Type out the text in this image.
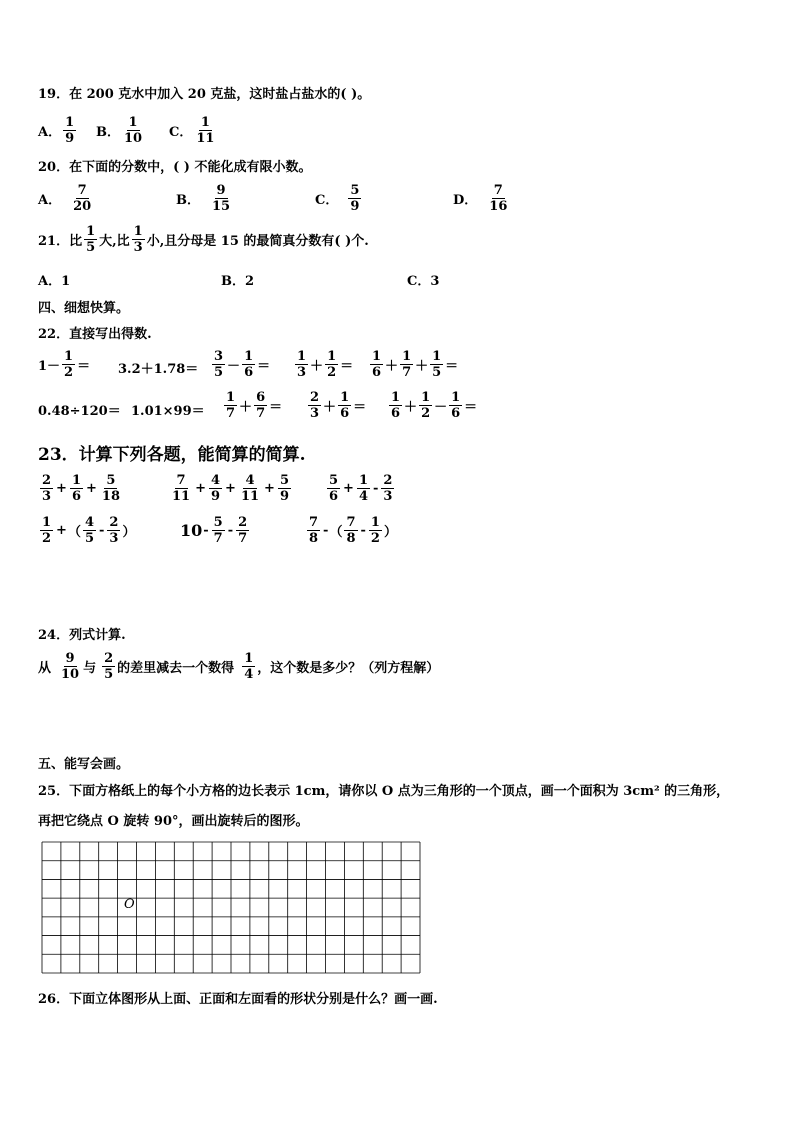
19．在 200 克水中加入 20 克盐，这时盐占盐水的( )。
A． $\frac{1}{9}$ B． $\frac{1}{10}$ C． $\frac{1}{11}$
20．在下面的分数中，( ) 不能化成有限小数。
A． $\frac{7}{20}$	B． $\frac{9}{15}$	C． $\frac{5}{9}$	D． $\frac{7}{16}$
21．比 $\frac{1}{5}$ 大,比 $\frac{1}{3}$ 小,且分母是 15 的最简真分数有( )个.
A．1	B．2	C．3
四、细想快算。
22．直接写出得数.
$1- \frac{1}{2} = 3.2+1.78= \frac{3}{5} - \frac{1}{6} = \frac{1}{3} + \frac{1}{2} = \frac{1}{6} + \frac{1}{7} + \frac{1}{5}$ ＝
$0.48\div 120= 1.01\times 99= \frac{1}{7} + \frac{6}{7} = \frac{2}{3} + \frac{1}{6} = \frac{1}{6} + \frac{1}{2} - \frac{1}{6}$ ＝
23．计算下列各题，能简算的简算.
$\frac{2}{3} + \frac{1}{6} + \frac{5}{18}$	$\frac{7}{11} + \frac{4}{9} + \frac{4}{11} + \frac{5}{9}$	$\frac{5}{6} + \frac{1}{4} - \frac{2}{3}$
$\frac{1}{2}$ + （ $\frac{4}{5} - \frac{2}{3}$ ）	$10 - \frac{5}{7} - \frac{2}{7}$	$\frac{7}{8}$ - （ $\frac{7}{8} - \frac{1}{2}$ ）
24．列式计算.
从 $\frac{9}{10}$ 与 $\frac{2}{5}$ 的差里减去一个数得 $\frac{1}{4}$ ，这个数是多少？（列方程解）
五、能写会画。
25．下面方格纸上的每个小方格的边长表示 1cm，请你以 O 点为三角形的一个顶点，画一个面积为 3cm² 的三角形，
再把它绕点 O 旋转 90°，画出旋转后的图形。
O
26．下面立体图形从上面、正面和左面看的形状分别是什么？画一画.
